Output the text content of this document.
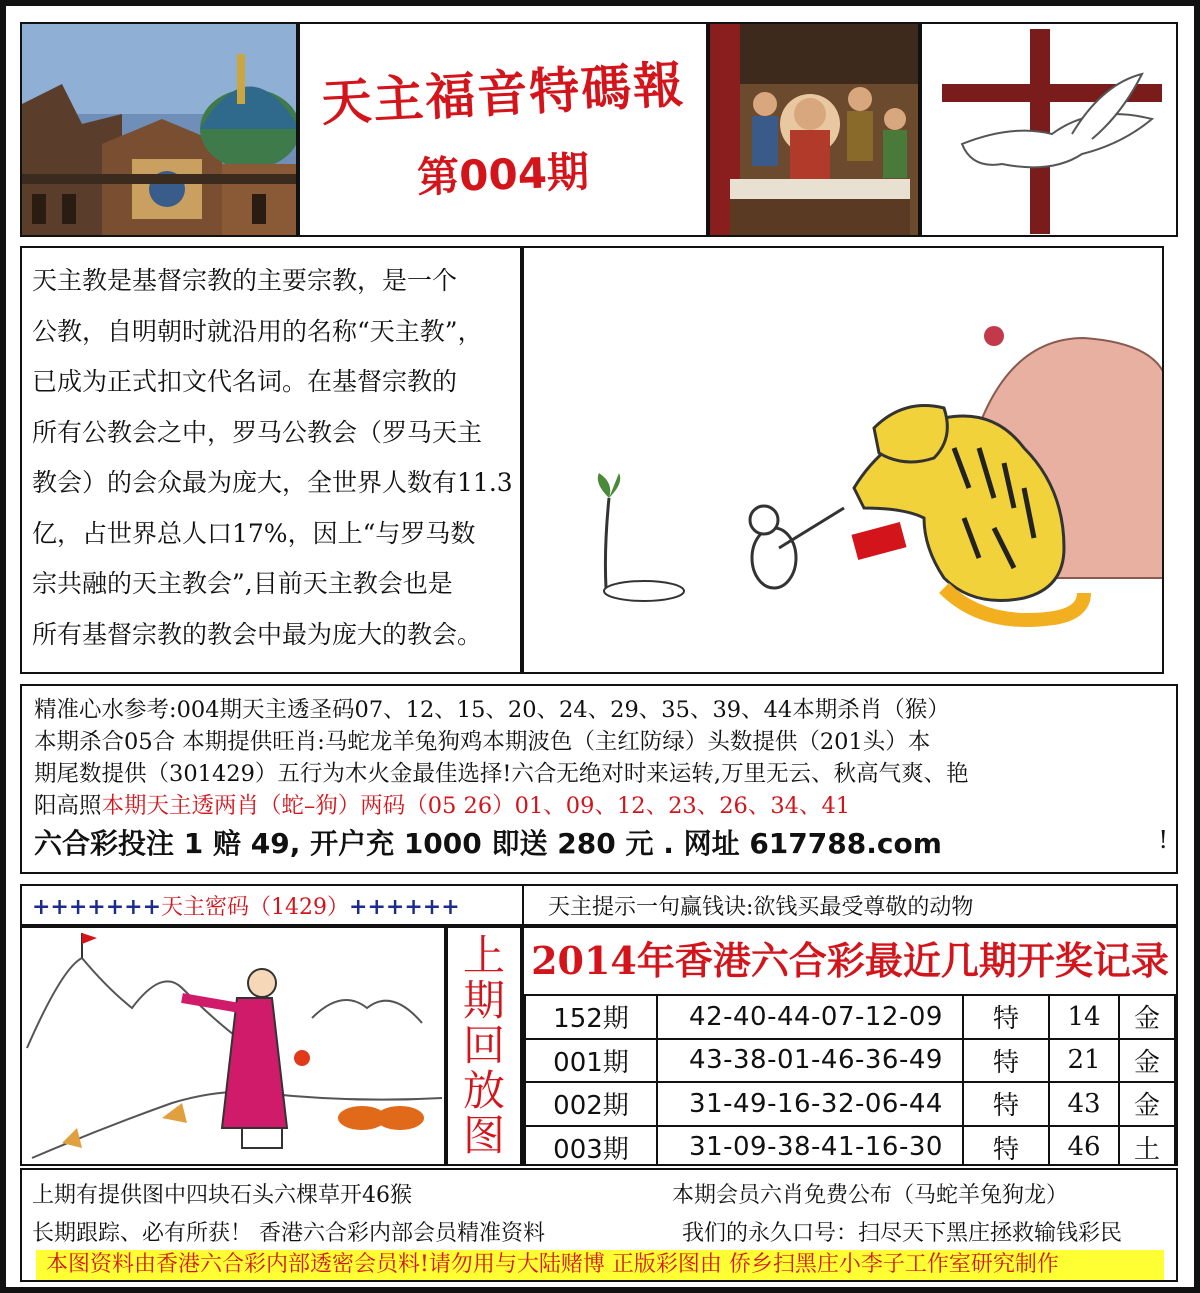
天主福音特碼報
第004期

天主教是基督宗教的主要宗教，是一个

公教，自明朝时就沿用的名称“天主教”，

已成为正式扣文代名词。在基督宗教的

所有公教会之中，罗马公教会（罗马天主

教会）的会众最为庞大，全世界人数有11.3

亿，占世界总人口17%，因上“与罗马数

宗共融的天主教会”,目前天主教会也是

所有基督宗教的教会中最为庞大的教会。

精准心水参考:004期天主透圣码07、12、15、20、24、29、35、39、44本期杀肖（猴）

本期杀合05合 本期提供旺肖:马蛇龙羊兔狗鸡本期波色（主红防绿）头数提供（201头）本

期尾数提供（301429）五行为木火金最佳选择!六合无绝对时来运转,万里无云、秋高气爽、艳

阳高照本期天主透两肖（蛇–狗）两码（05 26）01、09、12、23、26、34、41

六合彩投注 1 赔 49, 开户充 1000 即送 280 元 . 网址 617788.com	!
+++++++天主密码（1429）++++++	天主提示一句赢钱诀:欲钱买最受尊敬的动物
上
期
回
放
图
2014年香港六合彩最近几期开奖记录
152期	42-40-44-07-12-09	特	14	金
001期	43-38-01-46-36-49	特	21	金
002期	31-49-16-32-06-44	特	43	金
003期	31-09-38-41-16-30	特	46	土
上期有提供图中四块石头六棵草开46猴	本期会员六肖免费公布（马蛇羊兔狗龙）
长期跟踪、必有所获！ 香港六合彩内部会员精准资料	我们的永久口号：扫尽天下黑庄拯救输钱彩民
本图资料由香港六合彩内部透密会员料!请勿用与大陆赌博 正版彩图由 侨乡扫黑庄小李子工作室研究制作
